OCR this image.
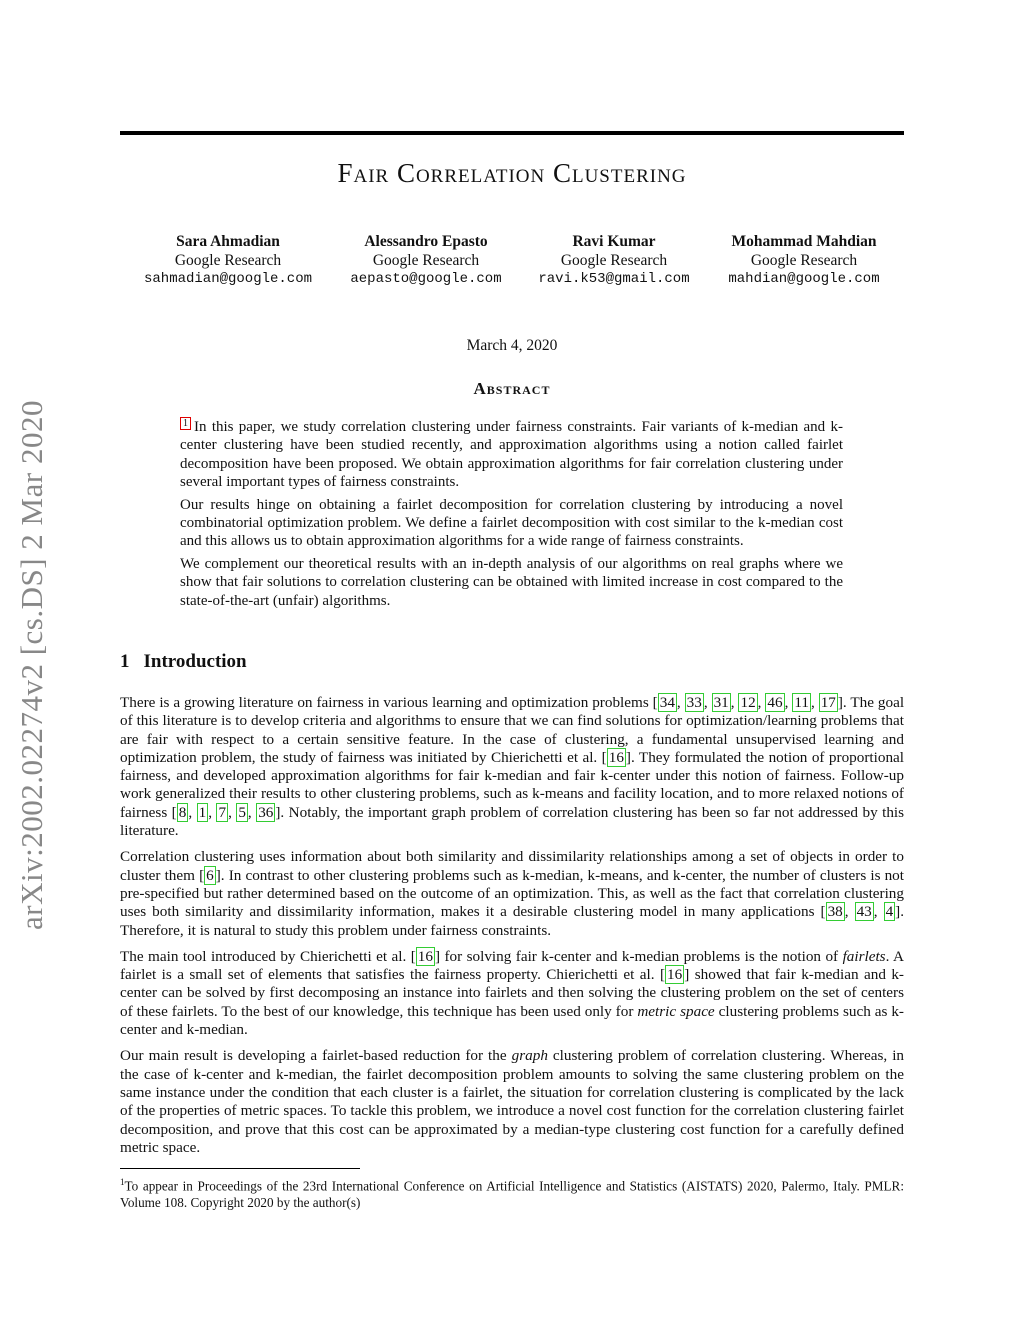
arXiv:2002.02274v2 [cs.DS] 2 Mar 2020
Fair Correlation Clustering
Sara Ahmadian
Google Research
sahmadian@google.com
Alessandro Epasto
Google Research
aepasto@google.com
Ravi Kumar
Google Research
ravi.k53@gmail.com
Mohammad Mahdian
Google Research
mahdian@google.com
March 4, 2020
Abstract

1 In this paper, we study correlation clustering under fairness constraints. Fair variants of k-median and k-center clustering have been studied recently, and approximation algorithms using a notion called fairlet decomposition have been proposed. We obtain approximation algorithms for fair correlation clustering under several important types of fairness constraints.

Our results hinge on obtaining a fairlet decomposition for correlation clustering by introducing a novel combinatorial optimization problem. We define a fairlet decomposition with cost similar to the k-median cost and this allows us to obtain approximation algorithms for a wide range of fairness constraints.

We complement our theoretical results with an in-depth analysis of our algorithms on real graphs where we show that fair solutions to correlation clustering can be obtained with limited increase in cost compared to the state-of-the-art (unfair) algorithms.

1 Introduction

There is a growing literature on fairness in various learning and optimization problems [ 34 , 33 , 31 , 12 , 46 , 11 , 17 ]. The goal of this literature is to develop criteria and algorithms to ensure that we can find solutions for optimization/learning problems that are fair with respect to a certain sensitive feature. In the case of clustering, a fundamental unsupervised learning and optimization problem, the study of fairness was initiated by Chierichetti et al. [ 16 ]. They formulated the notion of proportional fairness, and developed approximation algorithms for fair k-median and fair k-center under this notion of fairness. Follow-up work generalized their results to other clustering problems, such as k-means and facility location, and to more relaxed notions of fairness [ 8 , 1 , 7 , 5 , 36 ]. Notably, the important graph problem of correlation clustering has been so far not addressed by this literature.

Correlation clustering uses information about both similarity and dissimilarity relationships among a set of objects in order to cluster them [ 6 ]. In contrast to other clustering problems such as k-median, k-means, and k-center, the number of clusters is not pre-specified but rather determined based on the outcome of an optimization. This, as well as the fact that correlation clustering uses both similarity and dissimilarity information, makes it a desirable clustering model in many applications [ 38 , 43 , 4 ]. Therefore, it is natural to study this problem under fairness constraints.

The main tool introduced by Chierichetti et al. [ 16 ] for solving fair k-center and k-median problems is the notion of fairlets. A fairlet is a small set of elements that satisfies the fairness property. Chierichetti et al. [ 16 ] showed that fair k-median and k-center can be solved by first decomposing an instance into fairlets and then solving the clustering problem on the set of centers of these fairlets. To the best of our knowledge, this technique has been used only for metric space clustering problems such as k-center and k-median.

Our main result is developing a fairlet-based reduction for the graph clustering problem of correlation clustering. Whereas, in the case of k-center and k-median, the fairlet decomposition problem amounts to solving the same clustering problem on the same instance under the condition that each cluster is a fairlet, the situation for correlation clustering is complicated by the lack of the properties of metric spaces. To tackle this problem, we introduce a novel cost function for the correlation clustering fairlet decomposition, and prove that this cost can be approximated by a median-type clustering cost function for a carefully defined metric space.

$^1$To appear in Proceedings of the 23rd International Conference on Artificial Intelligence and Statistics (AISTATS) 2020, Palermo, Italy. PMLR: Volume 108. Copyright 2020 by the author(s)
